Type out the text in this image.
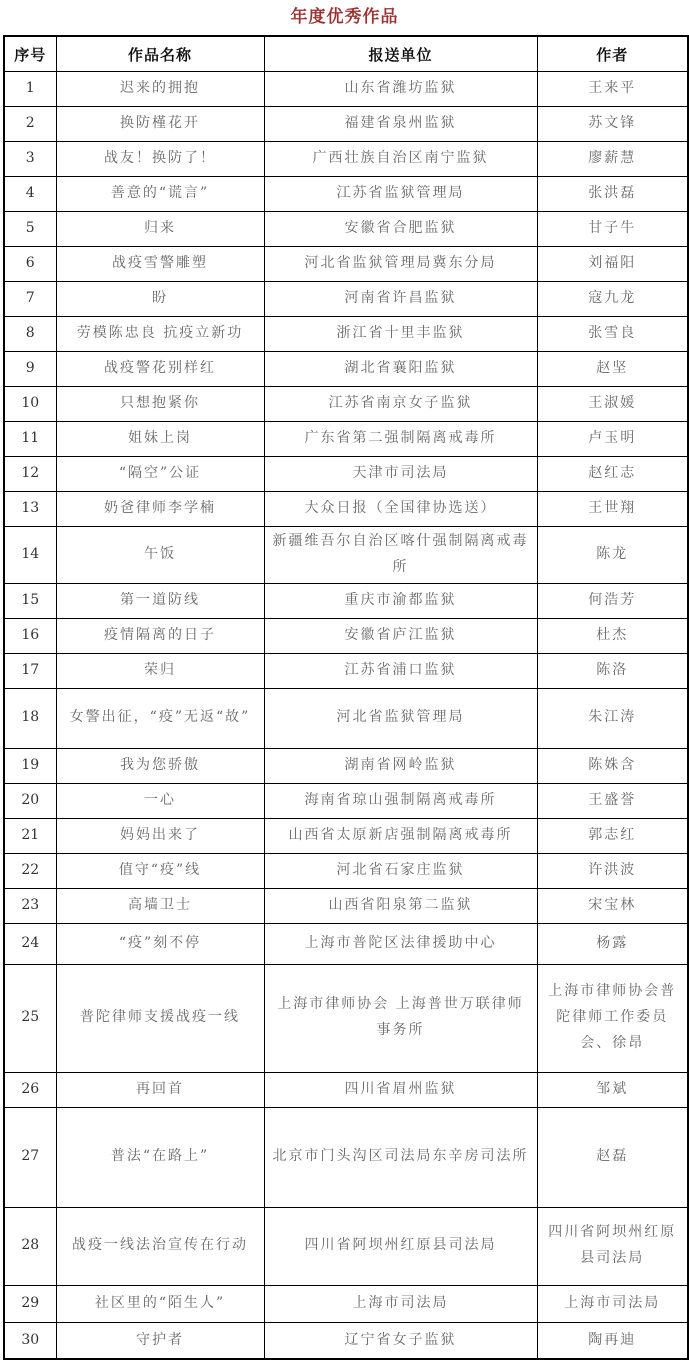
年度优秀作品
序号	作品名称	报送单位	作者
1	迟来的拥抱	山东省潍坊监狱	王来平
2	换防槿花开	福建省泉州监狱	苏文锋
3	战友！换防了！	广西壮族自治区南宁监狱	廖薪慧
4	善意的“谎言”	江苏省监狱管理局	张洪磊
5	归来	安徽省合肥监狱	甘子牛
6	战疫雪警雕塑	河北省监狱管理局冀东分局	刘福阳
7	盼	河南省许昌监狱	寇九龙
8	劳模陈忠良 抗疫立新功	浙江省十里丰监狱	张雪良
9	战疫警花别样红	湖北省襄阳监狱	赵坚
10	只想抱紧你	江苏省南京女子监狱	王淑媛
11	姐妹上岗	广东省第二强制隔离戒毒所	卢玉明
12	“隔空”公证	天津市司法局	赵红志
13	奶爸律师李学楠	大众日报（全国律协选送）	王世翔
14	午饭	新疆维吾尔自治区喀什强制隔离戒毒所	陈龙
15	第一道防线	重庆市渝都监狱	何浩芳
16	疫情隔离的日子	安徽省庐江监狱	杜杰
17	荣归	江苏省浦口监狱	陈洛
18	女警出征，“疫”无返“故”	河北省监狱管理局	朱江涛
19	我为您骄傲	湖南省网岭监狱	陈姝含
20	一心	海南省琼山强制隔离戒毒所	王盛誉
21	妈妈出来了	山西省太原新店强制隔离戒毒所	郭志红
22	值守“疫”线	河北省石家庄监狱	许洪波
23	高墙卫士	山西省阳泉第二监狱	宋宝林
24	“疫”刻不停	上海市普陀区法律援助中心	杨露
25	普陀律师支援战疫一线	上海市律师协会 上海普世万联律师事务所	上海市律师协会普陀律师工作委员会、徐昂
26	再回首	四川省眉州监狱	邹斌
27	普法“在路上”	北京市门头沟区司法局东辛房司法所	赵磊
28	战疫一线法治宣传在行动	四川省阿坝州红原县司法局	四川省阿坝州红原县司法局
29	社区里的“陌生人”	上海市司法局	上海市司法局
30	守护者	辽宁省女子监狱	陶再迪
